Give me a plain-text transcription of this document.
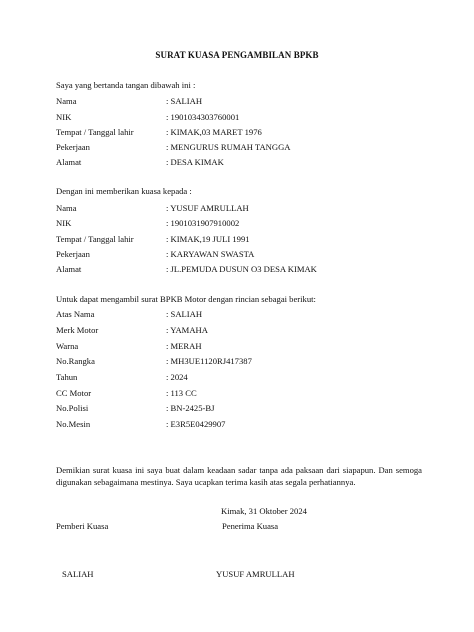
SURAT KUASA PENGAMBILAN BPKB
Saya yang bertanda tangan dibawah ini :
Nama	: SALIAH
NIK	: 1901034303760001
Tempat / Tanggal lahir	: KIMAK,03 MARET 1976
Pekerjaan	: MENGURUS RUMAH TANGGA
Alamat	: DESA KIMAK
Dengan ini memberikan kuasa kepada :
Nama	: YUSUF AMRULLAH
NIK	: 1901031907910002
Tempat / Tanggal lahir	: KIMAK,19 JULI 1991
Pekerjaan	: KARYAWAN SWASTA
Alamat	: JL.PEMUDA DUSUN O3 DESA KIMAK
Untuk dapat mengambil surat BPKB Motor dengan rincian sebagai berikut:
Atas Nama	: SALIAH
Merk Motor	: YAMAHA
Warna	: MERAH
No.Rangka	: MH3UE1120RJ417387
Tahun	: 2024
CC Motor	: 113 CC
No.Polisi	: BN-2425-BJ
No.Mesin	: E3R5E0429907
Demikian surat kuasa ini saya buat dalam keadaan sadar tanpa ada paksaan dari siapapun. Dan semoga digunakan sebagaimana mestinya. Saya ucapkan terima kasih atas segala perhatiannya.
Kimak, 31 Oktober 2024
Pemberi Kuasa	Penerima Kuasa
SALIAH	YUSUF AMRULLAH
